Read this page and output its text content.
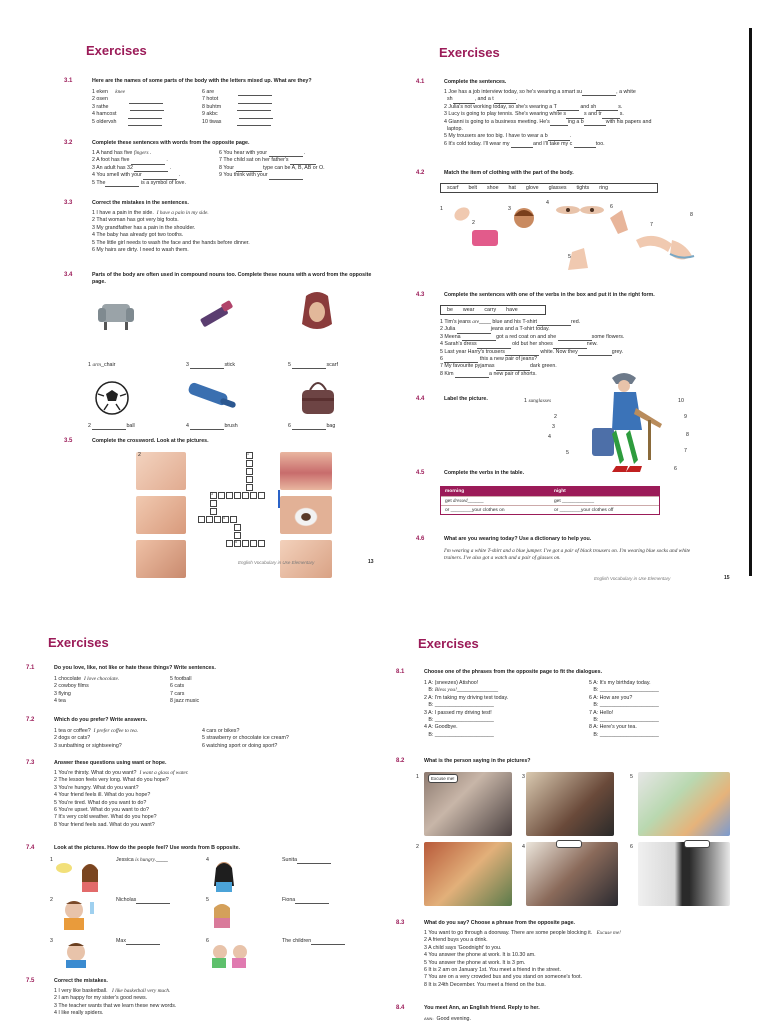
Exercises
3.1	Here are the names of some parts of the body with the letters mixed up. What are they?
1 eken knee
2 osen
3 rathe
4 hamcost
5 oldervsh
6 are
7 hotot
8 buhtm
9 akbc
10 tiwas
3.2	Complete these sentences with words from the opposite page.
1 A hand has five fingers .
2 A foot has five	.
3 An adult has 32	.
4 You smell with your	.
5 The	is a symbol of love.
6 You hear with your	.
7 The child sat on her father's
8 Your	type can be A, B, AB or O.
9 You think with your
3.3	Correct the mistakes in the sentences.
1 I have a pain in the side. I have a pain in my side.
2 That woman has got very big foots.
3 My grandfather has a pain in the shoulder.
4 The baby has already got two tooths.
5 The little girl needs to wash the face and the hands before dinner.
6 My hairs are dirty. I need to wash them.
3.4	Parts of the body are often used in compound nouns too. Complete these nouns with a word from the opposite page.
1 arm_chair	3	stick	5	scarf
2	ball	4	brush	6	bag
3.5	Complete the crossword. Look at the pictures.
2	1
3
4
5
English Vocabulary in Use Elementary	13
Exercises
4.1	Complete the sentences.
1 Joe has a job interview today, so he's wearing a smart su	, a white
sh	, and a t	.
2 Julia's not working today, so she's wearing a T	and sh	s.
3 Lucy is going to play tennis. She's wearing white s	s and tr	s.
4 Gianni is going to a business meeting. He's	ing a b	with his papers and
laptop.
5 My trousers are too big. I have to wear a b	.
6 It's cold today. I'll wear my	and I'll take my c	too.
4.2	Match the item of clothing with the part of the body.
scarf belt shoe hat glove glasses tights ring
1
2
3
4
5
6
7
8
4.3	Complete the sentences with one of the verbs in the box and put it in the right form.
be wear carry have
1 Tim's jeans are____ blue and his T-shirt	red.
2 Julia	jeans and a T-shirt today.
3 Meena	got a red coat on and she	some flowers.
4 Sarah's dress	old but her shoes	new.
5 Last year Harry's trousers	white. Now they	grey.
6	this a new pair of jeans?
7 My favourite pyjamas	dark green.
8 Kim	a new pair of shorts.
4.4	Label the picture.	1 sunglasses
2
3
4
5
6
7
8
9
10
4.5	Complete the verbs in the table.
morning	night
get dressed______	get ____________
or ________your clothes on	or ________your clothes off
4.6	What are you wearing today? Use a dictionary to help you.
I'm wearing a white T-shirt and a blue jumper. I've got a pair of black trousers on. I'm wearing blue socks and white
trainers. I've also got a watch and a pair of glasses on.
English Vocabulary in Use Elementary	15
Exercises
7.1	Do you love, like, not like or hate these things? Write sentences.
1 chocolate I love chocolate.
2 cowboy films
3 flying
4 tea
5 football
6 cats
7 cars
8 jazz music
7.2	Which do you prefer? Write answers.
1 tea or coffee? I prefer coffee to tea.
2 dogs or cats?
3 sunbathing or sightseeing?
4 cars or bikes?
5 strawberry or chocolate ice cream?
6 watching sport or doing sport?
7.3	Answer these questions using want or hope.
1 You're thirsty. What do you want? I want a glass of water.
2 The lesson feels very long. What do you hope?
3 You're hungry. What do you want?
4 Your friend feels ill. What do you hope?
5 You're tired. What do you want to do?
6 You're upset. What do you want to do?
7 It's very cold weather. What do you hope?
8 Your friend feels sad. What do you want?
7.4	Look at the pictures. How do the people feel? Use words from B opposite.
1	Jessica is hungry.____	4	Sunita
2	Nicholas	5	Fiona
3	Max	6	The children
7.5	Correct the mistakes.
1 I very like basketball. I like basketball very much.
2 I am happy for my sister's good news.
3 The teacher wants that we learn these new words.
4 I like really spiders.
Exercises
8.1	Choose one of the phrases from the opposite page to fit the dialogues.
1 A: (sneezes) Atishoo!
B: Bless you!______________
2 A: I'm taking my driving test today.
B: ____________________
3 A: I passed my driving test!
B: ____________________
4 A: Goodbye.
B: ____________________
5 A: It's my birthday today.
B: ____________________
6 A: How are you?
B: ____________________
7 A: Hello!
B: ____________________
8 A: Here's your tea.
B: ____________________
8.2	What is the person saying in the pictures?
Excuse me!
1	3	5
2	4	6
8.3	What do you say? Choose a phrase from the opposite page.
1 You want to go through a doorway. There are some people blocking it. Excuse me!
2 A friend buys you a drink.
3 A child says 'Goodnight' to you.
4 You answer the phone at work. It is 10.30 am.
5 You answer the phone at work. It is 3 pm.
6 It is 2 am on January 1st. You meet a friend in the street.
7 You are on a very crowded bus and you stand on someone's foot.
8 It is 24th December. You meet a friend on the bus.
8.4	You meet Ann, an English friend. Reply to her.
ANN: Good evening.
